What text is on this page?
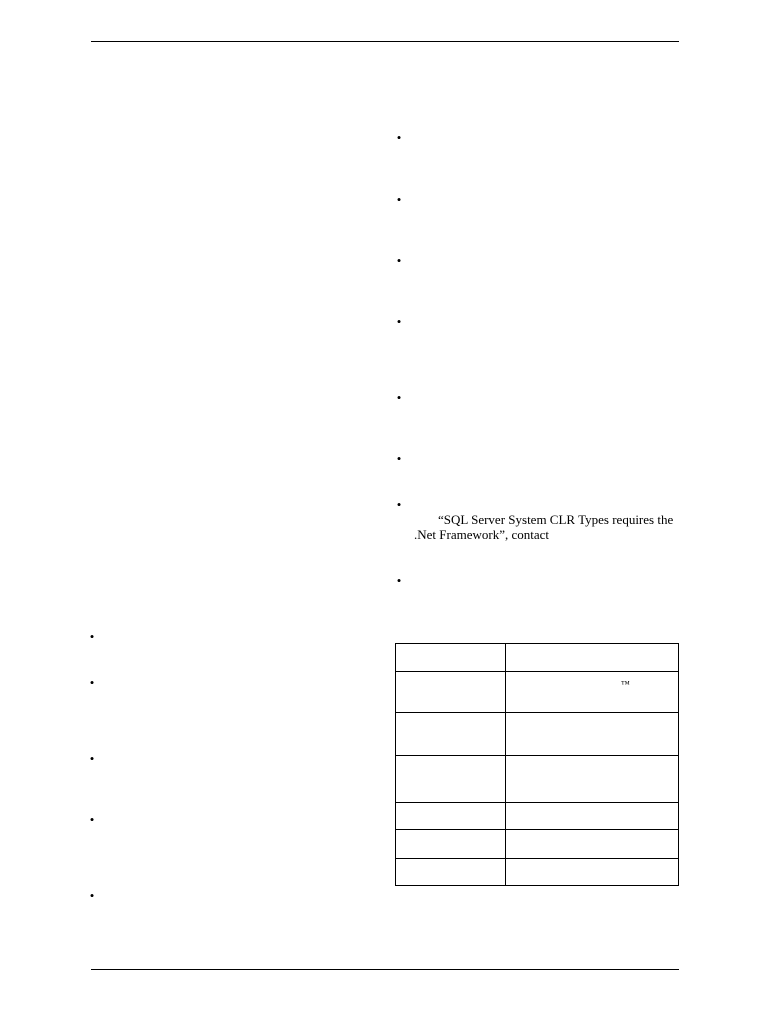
•
•
•
•
•
•
•
“SQL Server System CLR Types requires the
.Net Framework”, contact
•
•
•
•
•
•

	™
